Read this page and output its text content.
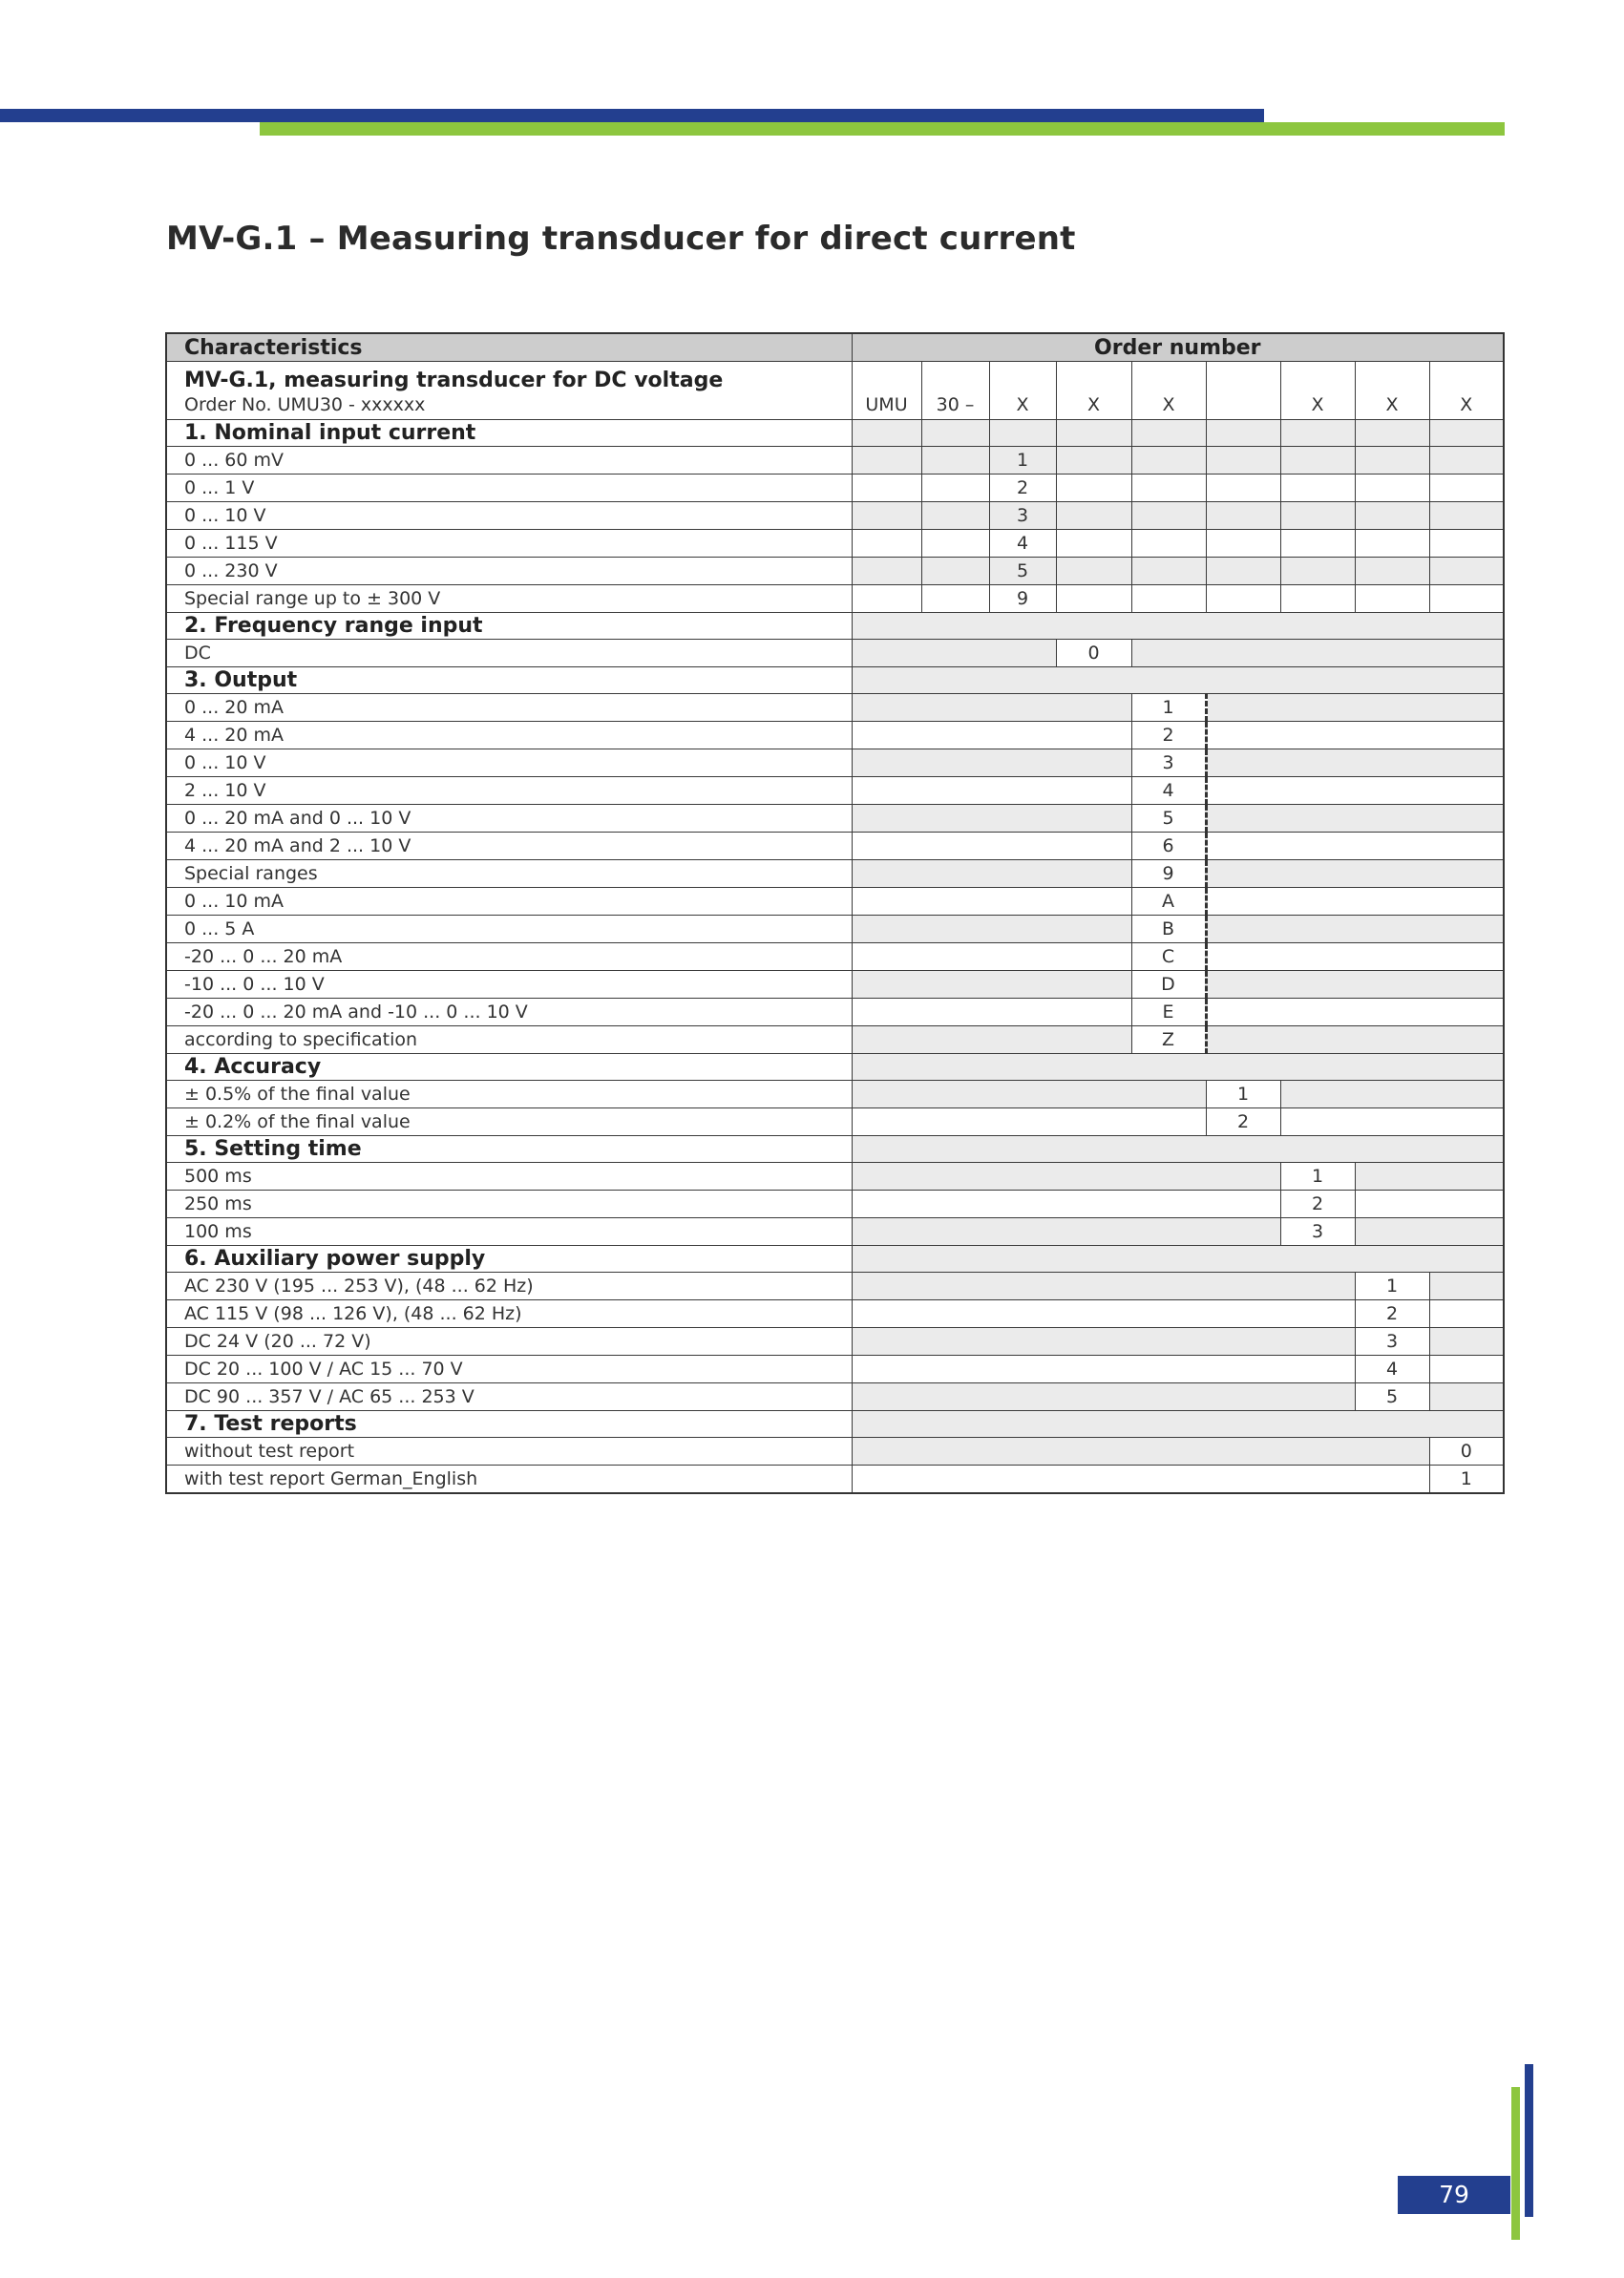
MV-G.1 – Measuring transducer for direct current
Characteristics	Order number								

MV-G.1, measuring transducer for DC voltage
Order No. UMU30 - xxxxxx	UMU	30 –	X	X	X		X	X	X
1. Nominal input current									
0 ... 60 mV			1						
0 ... 1 V			2						
0 ... 10 V			3						
0 ... 115 V			4						
0 ... 230 V			5						
Special range up to ± 300 V			9						
2. Frequency range input									
DC				0					
3. Output									
0 ... 20 mA					1				
4 ... 20 mA					2				
0 ... 10 V					3				
2 ... 10 V					4				
0 ... 20 mA and 0 ... 10 V					5				
4 ... 20 mA and 2 ... 10 V					6				
Special ranges					9				
0 ... 10 mA					A				
0 ... 5 A					B				
-20 ... 0 ... 20 mA					C				
-10 ... 0 ... 10 V					D				
-20 ... 0 ... 20 mA and -10 ... 0 ... 10 V					E				
according to specification					Z				
4. Accuracy									
± 0.5% of the final value						1			
± 0.2% of the final value						2			
5. Setting time									
500 ms							1		
250 ms							2		
100 ms							3		
6. Auxiliary power supply									
AC 230 V (195 ... 253 V), (48 ... 62 Hz)								1	
AC 115 V (98 ... 126 V), (48 ... 62 Hz)								2	
DC 24 V (20 ... 72 V)								3	
DC 20 ... 100 V / AC 15 ... 70 V								4	
DC 90 ... 357 V / AC 65 ... 253 V								5	
7. Test reports									
without test report									0
with test report German_English									1
79
